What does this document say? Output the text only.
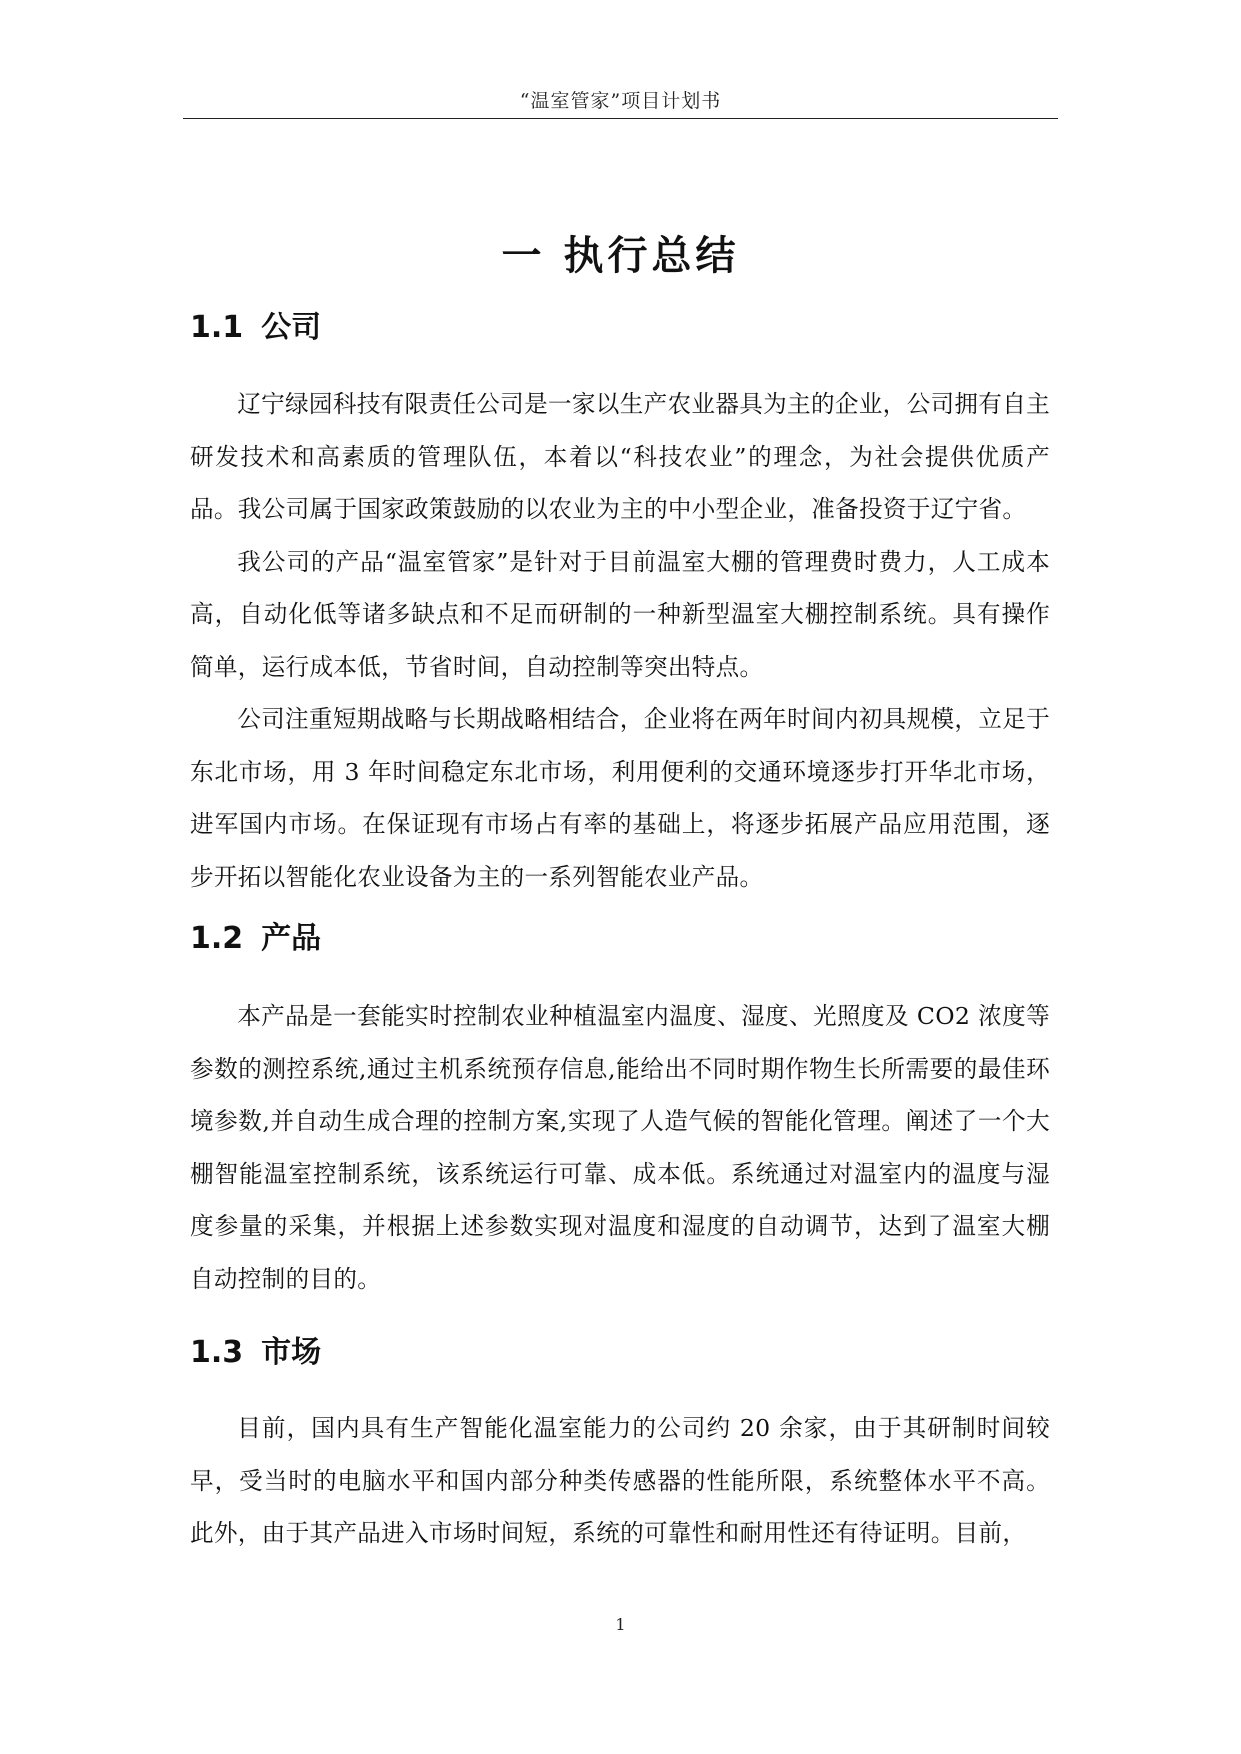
“温室管家”项目计划书
一 执行总结
1.1 公司

辽宁绿园科技有限责任公司是一家以生产农业器具为主的企业，公司拥有自主研发技术和高素质的管理队伍，本着以“科技农业”的理念，为社会提供优质产品。我公司属于国家政策鼓励的以农业为主的中小型企业，准备投资于辽宁省。

我公司的产品“温室管家”是针对于目前温室大棚的管理费时费力，人工成本高，自动化低等诸多缺点和不足而研制的一种新型温室大棚控制系统。具有操作简单，运行成本低，节省时间，自动控制等突出特点。

公司注重短期战略与长期战略相结合，企业将在两年时间内初具规模，立足于东北市场，用 3 年时间稳定东北市场，利用便利的交通环境逐步打开华北市场，进军国内市场。在保证现有市场占有率的基础上，将逐步拓展产品应用范围，逐步开拓以智能化农业设备为主的一系列智能农业产品。

1.2 产品

本产品是一套能实时控制农业种植温室内温度、湿度、光照度及 CO2 浓度等参数的测控系统,通过主机系统预存信息,能给出不同时期作物生长所需要的最佳环境参数,并自动生成合理的控制方案,实现了人造气候的智能化管理。阐述了一个大棚智能温室控制系统，该系统运行可靠、成本低。系统通过对温室内的温度与湿度参量的采集，并根据上述参数实现对温度和湿度的自动调节，达到了温室大棚自动控制的目的。

1.3 市场

目前，国内具有生产智能化温室能力的公司约 20 余家，由于其研制时间较早，受当时的电脑水平和国内部分种类传感器的性能所限，系统整体水平不高。此外，由于其产品进入市场时间短，系统的可靠性和耐用性还有待证明。目前，

1
